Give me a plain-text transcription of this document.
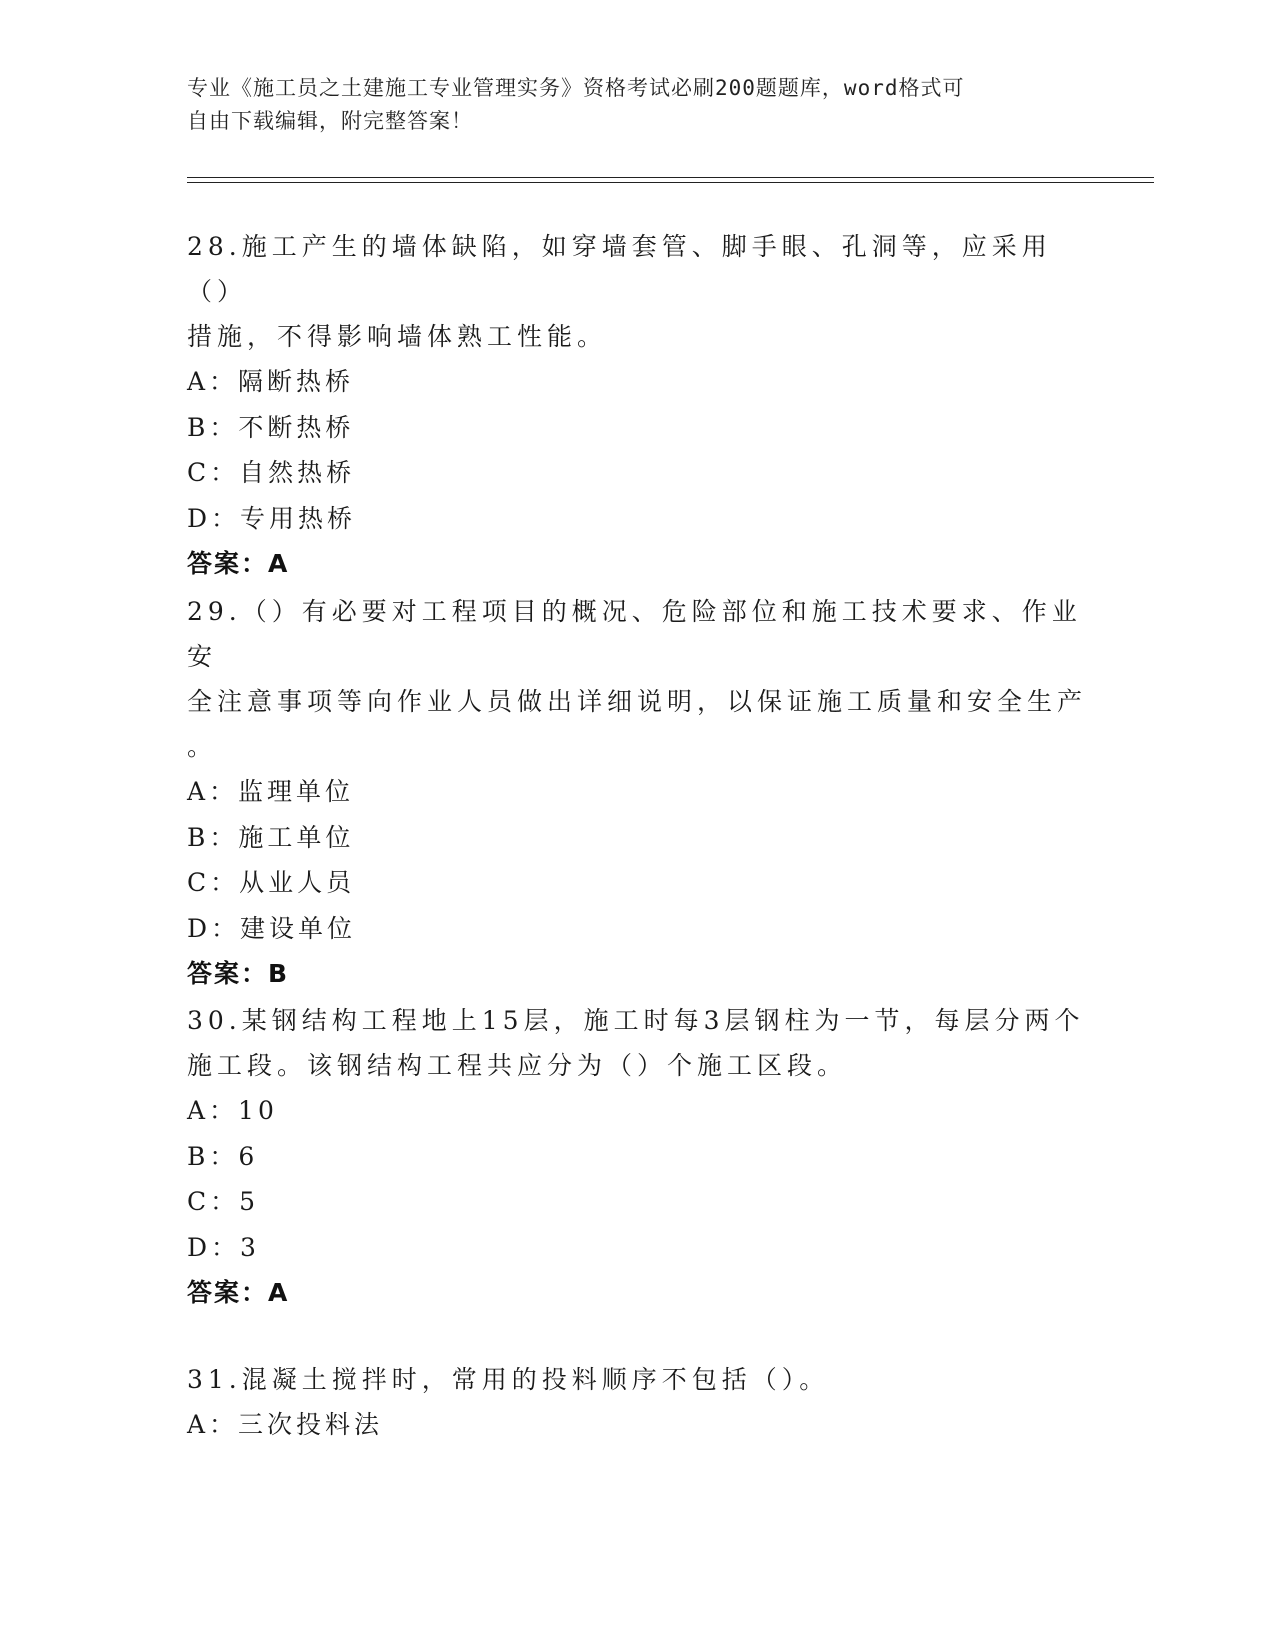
专业《施工员之土建施工专业管理实务》资格考试必刷200题题库，word格式可
自由下载编辑，附完整答案！

28.施工产生的墙体缺陷，如穿墙套管、脚手眼、孔洞等，应采用（）

措施，不得影响墙体熟工性能。

A：隔断热桥

B：不断热桥

C：自然热桥

D：专用热桥

答案：A

29.（）有必要对工程项目的概况、危险部位和施工技术要求、作业安

全注意事项等向作业人员做出详细说明，以保证施工质量和安全生产

。

A：监理单位

B：施工单位

C：从业人员

D：建设单位

答案：B

30.某钢结构工程地上15层，施工时每3层钢柱为一节，每层分两个

施工段。该钢结构工程共应分为（）个施工区段。

A：10

B：6

C：5

D：3

答案：A

31.混凝土搅拌时，常用的投料顺序不包括（）。

A：三次投料法
